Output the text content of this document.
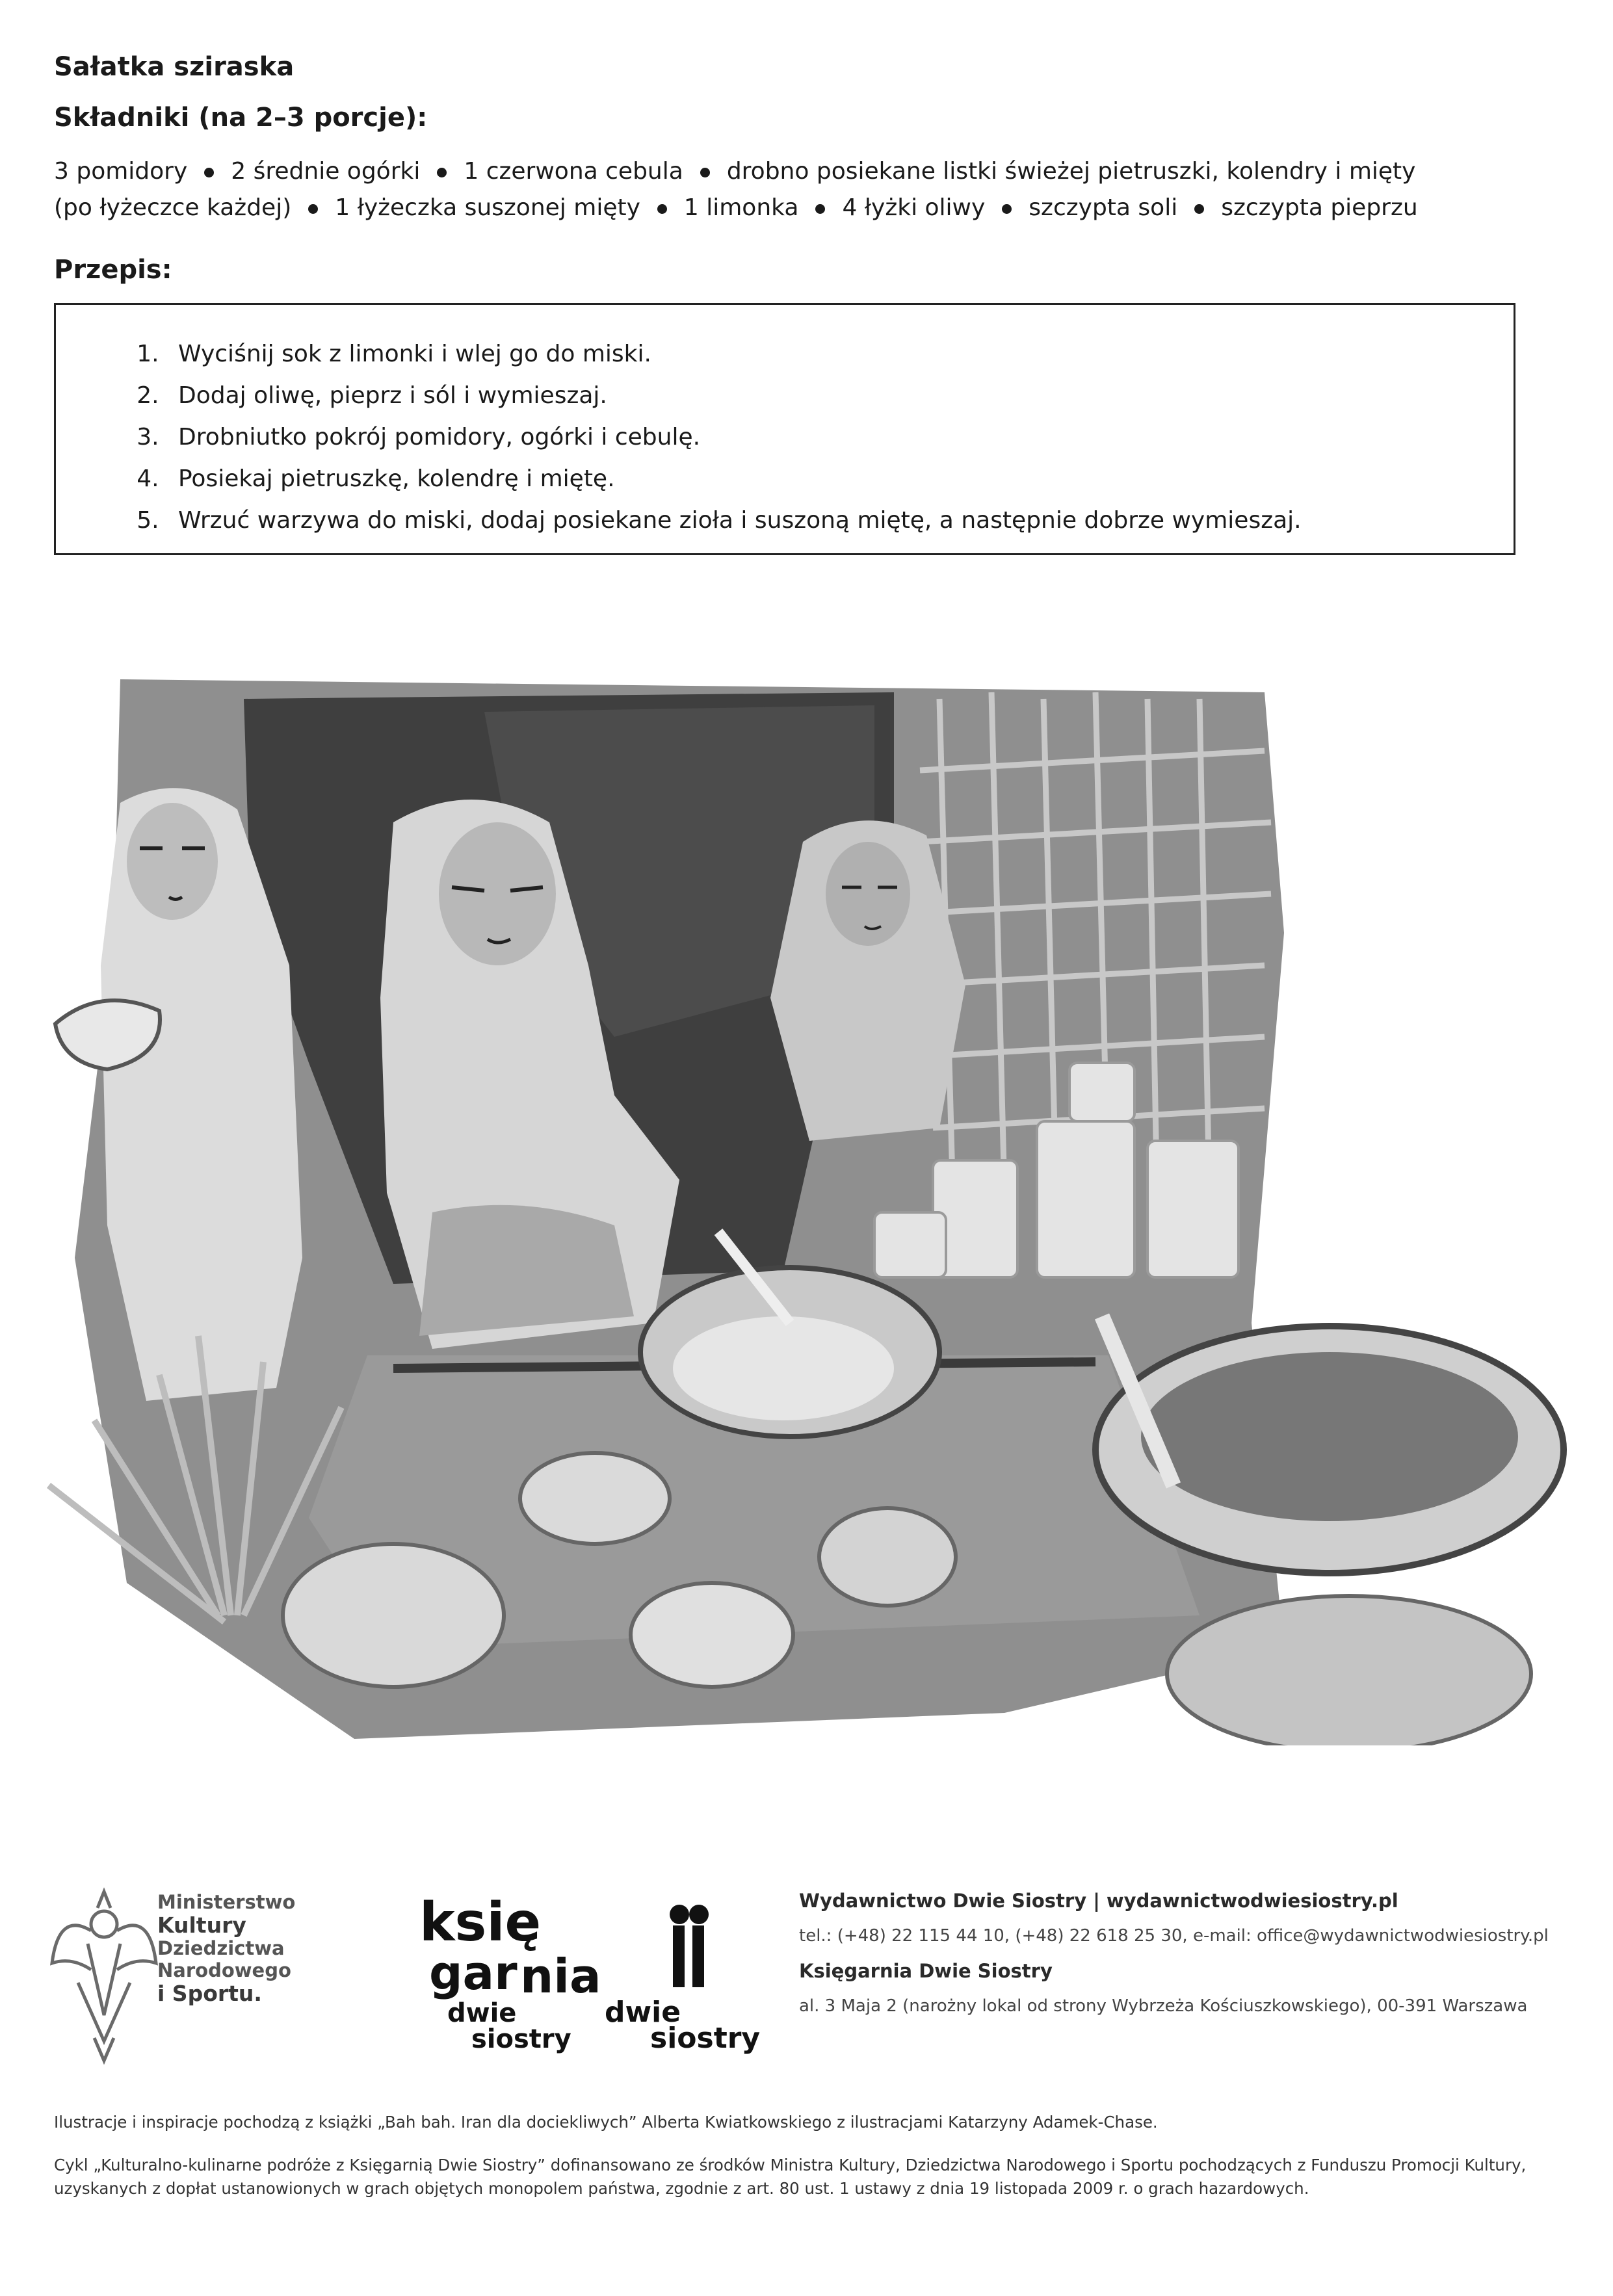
Sałatka sziraska
Składniki (na 2–3 porcje):
3 pomidory 2 średnie ogórki 1 czerwona cebula drobno posiekane listki świeżej pietruszki, kolendry i mięty
(po łyżeczce każdej) 1 łyżeczka suszonej mięty 1 limonka 4 łyżki oliwy szczypta soli szczypta pieprzu
Przepis:
1. Wyciśnij sok z limonki i wlej go do miski.
2. Dodaj oliwę, pieprz i sól i wymieszaj.
3. Drobniutko pokrój pomidory, ogórki i cebulę.
4. Posiekaj pietruszkę, kolendrę i miętę.
5. Wrzuć warzywa do miski, dodaj posiekane zioła i suszoną miętę, a następnie dobrze wymieszaj.
księ
gar nia
dwie
siostry
dwie
siostry
Ministerstwo
Kultury
Dziedzictwa
Narodowego
i Sportu.
Wydawnictwo Dwie Siostry | wydawnictwodwiesiostry.pl
tel.: (+48) 22 115 44 10, (+48) 22 618 25 30, e-mail: office@wydawnictwodwiesiostry.pl
Księgarnia Dwie Siostry
al. 3 Maja 2 (narożny lokal od strony Wybrzeża Kościuszkowskiego), 00-391 Warszawa

Ilustracje i inspiracje pochodzą z książki „Bah bah. Iran dla dociekliwych” Alberta Kwiatkowskiego z ilustracjami Katarzyny Adamek-Chase.

Cykl „Kulturalno-kulinarne podróże z Księgarnią Dwie Siostry” dofinansowano ze środków Ministra Kultury, Dziedzictwa Narodowego i Sportu pochodzących z Funduszu Promocji Kultury, uzyskanych z dopłat ustanowionych w grach objętych monopolem państwa, zgodnie z art. 80 ust. 1 ustawy z dnia 19 listopada 2009 r. o grach hazardowych.
